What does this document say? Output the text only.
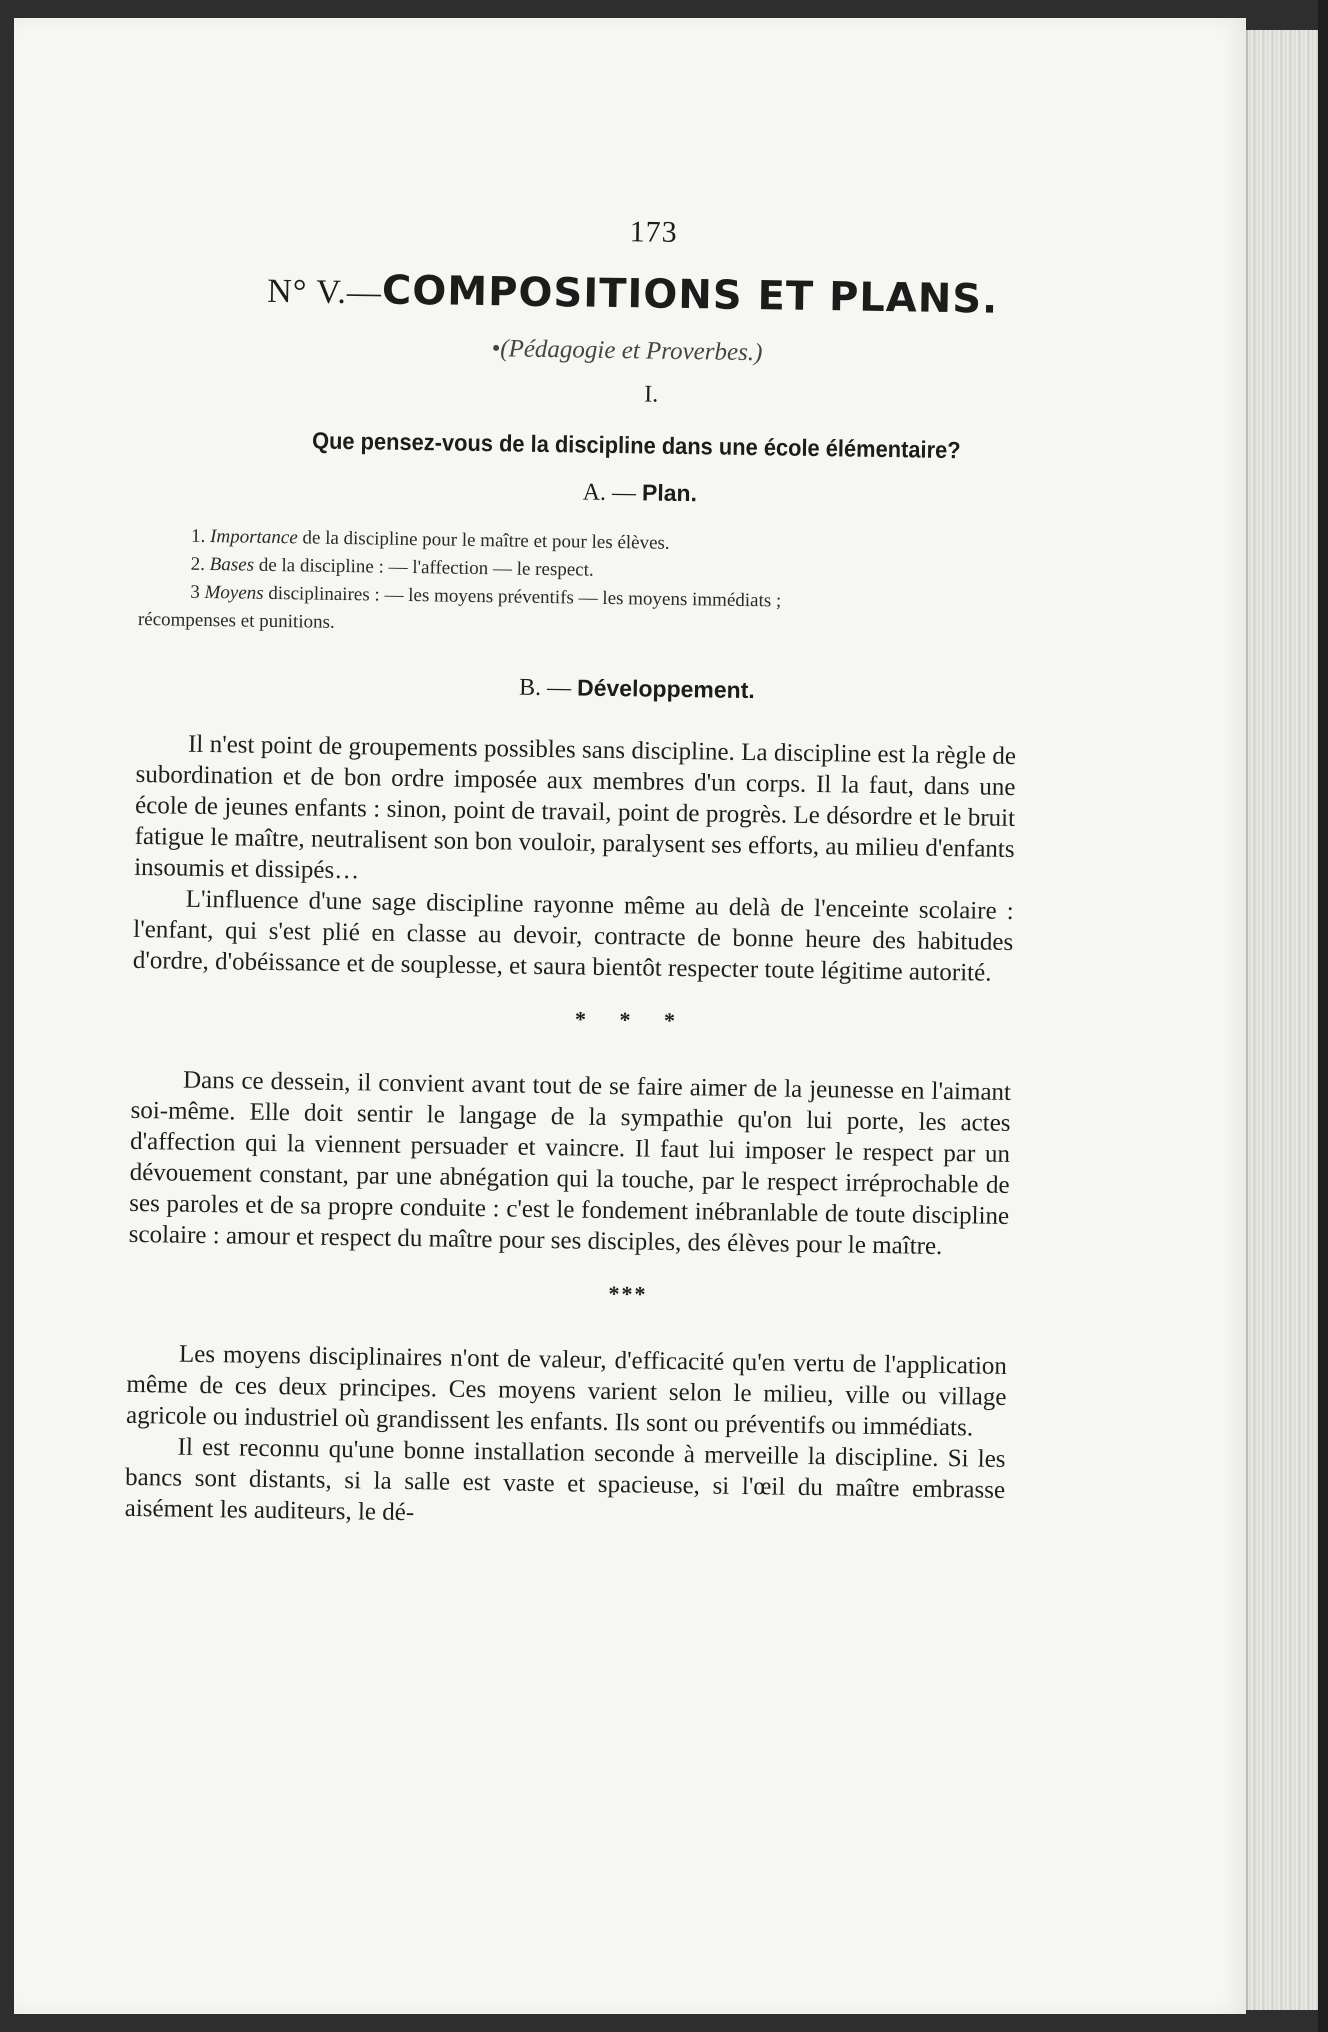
173
N° V.—COMPOSITIONS ET PLANS.
•(Pédagogie et Proverbes.)
I.
Que pensez-vous de la discipline dans une école élémentaire?
A. — Plan.
1. Importance de la discipline pour le maître et pour les élèves.
2. Bases de la discipline : — l'affection — le respect.
3 Moyens disciplinaires : — les moyens préventifs — les moyens immédiats ;
récompenses et punitions.
B. — Développement.

Il n'est point de groupements possibles sans discipline. La discipline est la règle de subordination et de bon ordre imposée aux membres d'un corps. Il la faut, dans une école de jeunes enfants : sinon, point de travail, point de progrès. Le désordre et le bruit fatigue le maître, neutralisent son bon vouloir, paralysent ses efforts, au milieu d'enfants insoumis et dissipés…

L'influence d'une sage discipline rayonne même au delà de l'enceinte scolaire : l'enfant, qui s'est plié en classe au devoir, contracte de bonne heure des habitudes d'ordre, d'obéissance et de souplesse, et saura bientôt respecter toute légitime autorité.

* * *

Dans ce dessein, il convient avant tout de se faire aimer de la jeunesse en l'aimant soi-même. Elle doit sentir le langage de la sympathie qu'on lui porte, les actes d'affection qui la viennent persuader et vaincre. Il faut lui imposer le respect par un dévouement constant, par une abnégation qui la touche, par le respect irréprochable de ses paroles et de sa propre conduite : c'est le fondement inébranlable de toute discipline scolaire : amour et respect du maître pour ses disciples, des élèves pour le maître.

***

Les moyens disciplinaires n'ont de valeur, d'efficacité qu'en vertu de l'application même de ces deux principes. Ces moyens varient selon le milieu, ville ou village agricole ou industriel où grandissent les enfants. Ils sont ou préventifs ou immédiats.

Il est reconnu qu'une bonne installation seconde à merveille la discipline. Si les bancs sont distants, si la salle est vaste et spacieuse, si l'œil du maître embrasse aisément les auditeurs, le dé-
